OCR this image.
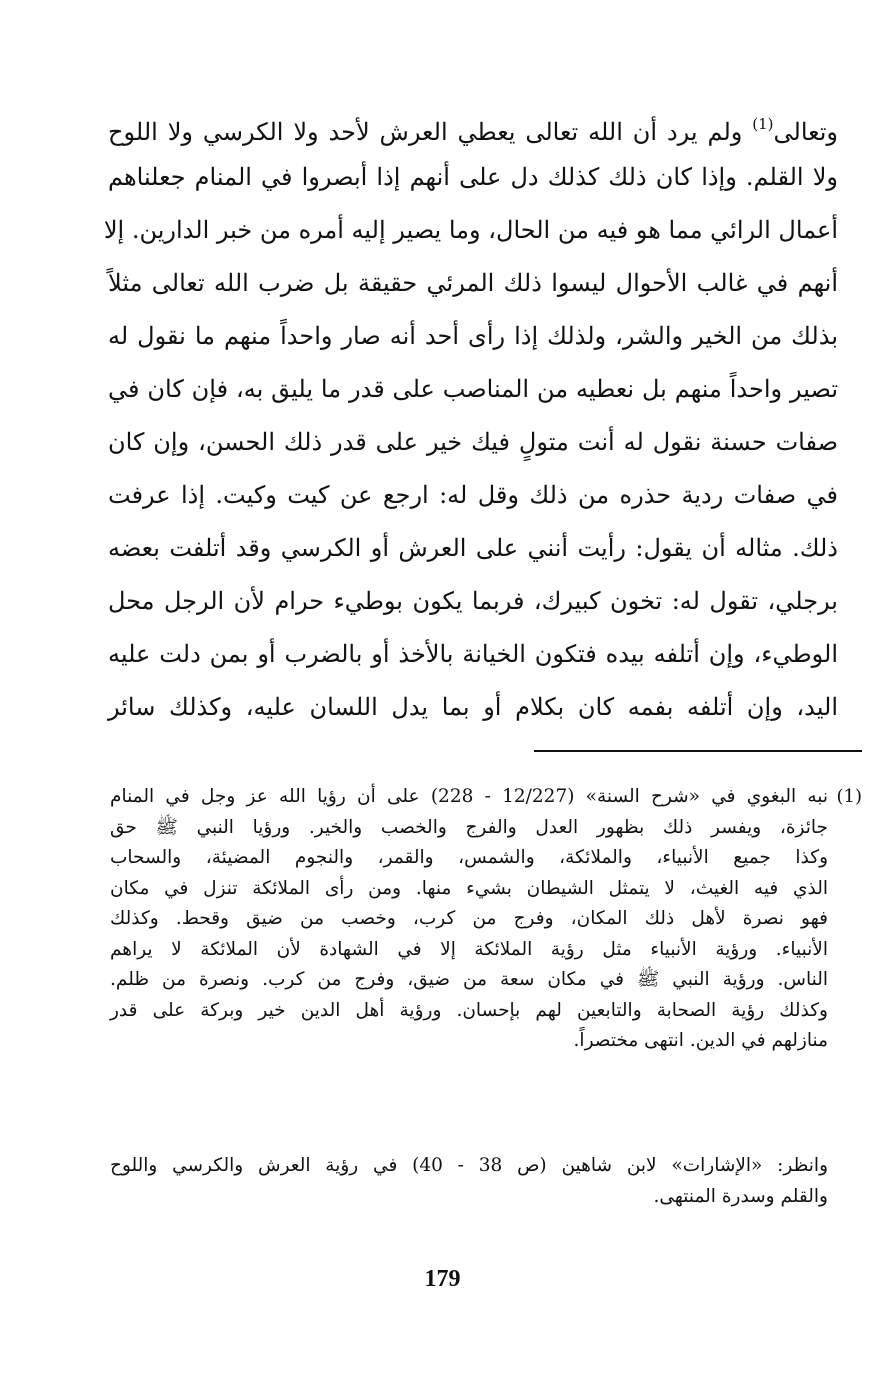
وتعالى$^{(1)}$ ولم يرد أن الله تعالى يعطي العرش لأحد ولا الكرسي ولا اللوح
ولا القلم. وإذا كان ذلك كذلك دل على أنهم إذا أبصروا في المنام جعلناهم
أعمال الرائي مما هو فيه من الحال، وما يصير إليه أمره من خبر الدارين. إلا
أنهم في غالب الأحوال ليسوا ذلك المرئي حقيقة بل ضرب الله تعالى مثلاً
بذلك من الخير والشر، ولذلك إذا رأى أحد أنه صار واحداً منهم ما نقول له
تصير واحداً منهم بل نعطيه من المناصب على قدر ما يليق به، فإن كان في
صفات حسنة نقول له أنت متولٍ فيك خير على قدر ذلك الحسن، وإن كان
في صفات ردية حذره من ذلك وقل له: ارجع عن كيت وكيت. إذا عرفت
ذلك. مثاله أن يقول: رأيت أنني على العرش أو الكرسي وقد أتلفت بعضه
برجلي، تقول له: تخون كبيرك، فربما يكون بوطيء حرام لأن الرجل محل
الوطيء، وإن أتلفه بيده فتكون الخيانة بالأخذ أو بالضرب أو بمن دلت عليه
اليد، وإن أتلفه بفمه كان بكلام أو بما يدل اللسان عليه، وكذلك سائر
(1)
نبه البغوي في «شرح السنة» (12/227 - 228) على أن رؤيا الله عز وجل في المنام
جائزة، ويفسر ذلك بظهور العدل والفرج والخصب والخير. ورؤيا النبي ﷺ حق
وكذا جميع الأنبياء، والملائكة، والشمس، والقمر، والنجوم المضيئة، والسحاب
الذي فيه الغيث، لا يتمثل الشيطان بشيء منها. ومن رأى الملائكة تنزل في مكان
فهو نصرة لأهل ذلك المكان، وفرج من كرب، وخصب من ضيق وقحط. وكذلك
الأنبياء. ورؤية الأنبياء مثل رؤية الملائكة إلا في الشهادة لأن الملائكة لا يراهم
الناس. ورؤية النبي ﷺ في مكان سعة من ضيق، وفرج من كرب. ونصرة من ظلم.
وكذلك رؤية الصحابة والتابعين لهم بإحسان. ورؤية أهل الدين خير وبركة على قدر
منازلهم في الدين. انتهى مختصراً.
وانظر: «الإشارات» لابن شاهين (ص 38 - 40) في رؤية العرش والكرسي واللوح
والقلم وسدرة المنتهى.
179
